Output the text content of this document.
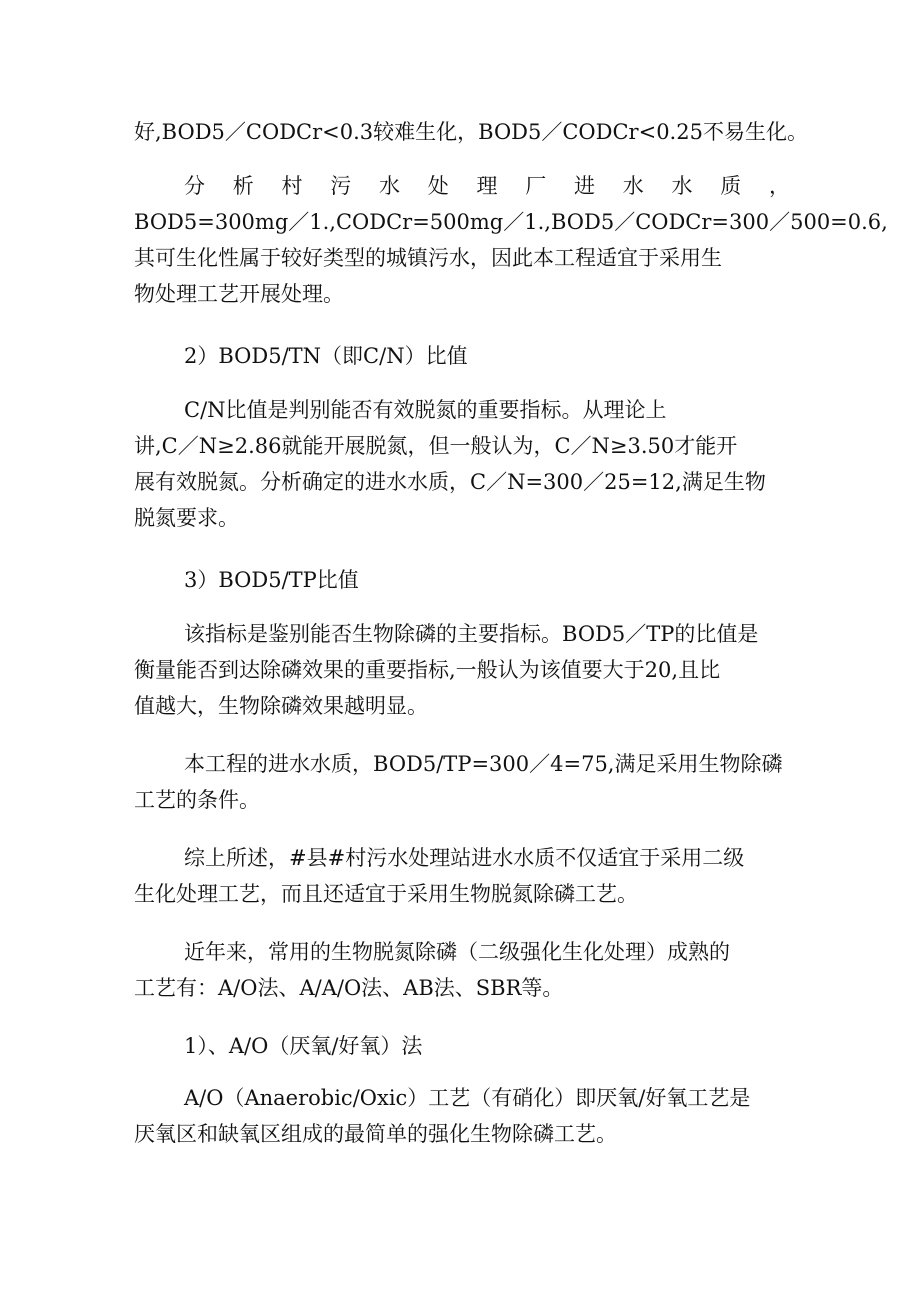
好,BOD5／CODCr<0.3较难生化，BOD5／CODCr<0.25不易生化。
分 析 村 污 水 处 理 厂 进 水 水 质 ，
BOD5=300mg／1.,CODCr=500mg／1.,BOD5／CODCr=300／500=0.6,
其可生化性属于较好类型的城镇污水，因此本工程适宜于采用生
物处理工艺开展处理。
2）BOD5/TN（即C/N）比值
C/N比值是判别能否有效脱氮的重要指标。从理论上
讲,C／N≥2.86就能开展脱氮，但一般认为，C／N≥3.50才能开
展有效脱氮。分析确定的进水水质，C／N=300／25=12,满足生物
脱氮要求。
3）BOD5/TP比值
该指标是鉴别能否生物除磷的主要指标。BOD5／TP的比值是
衡量能否到达除磷效果的重要指标,一般认为该值要大于20,且比
值越大，生物除磷效果越明显。
本工程的进水水质，BOD5/TP=300／4=75,满足采用生物除磷
工艺的条件。
综上所述，#县#村污水处理站进水水质不仅适宜于采用二级
生化处理工艺，而且还适宜于采用生物脱氮除磷工艺。
近年来，常用的生物脱氮除磷（二级强化生化处理）成熟的
工艺有：A/O法、A/A/O法、AB法、SBR等。
1）、A/O（厌氧/好氧）法
A/O（Anaerobic/Oxic）工艺（有硝化）即厌氧/好氧工艺是
厌氧区和缺氧区组成的最简单的强化生物除磷工艺。
